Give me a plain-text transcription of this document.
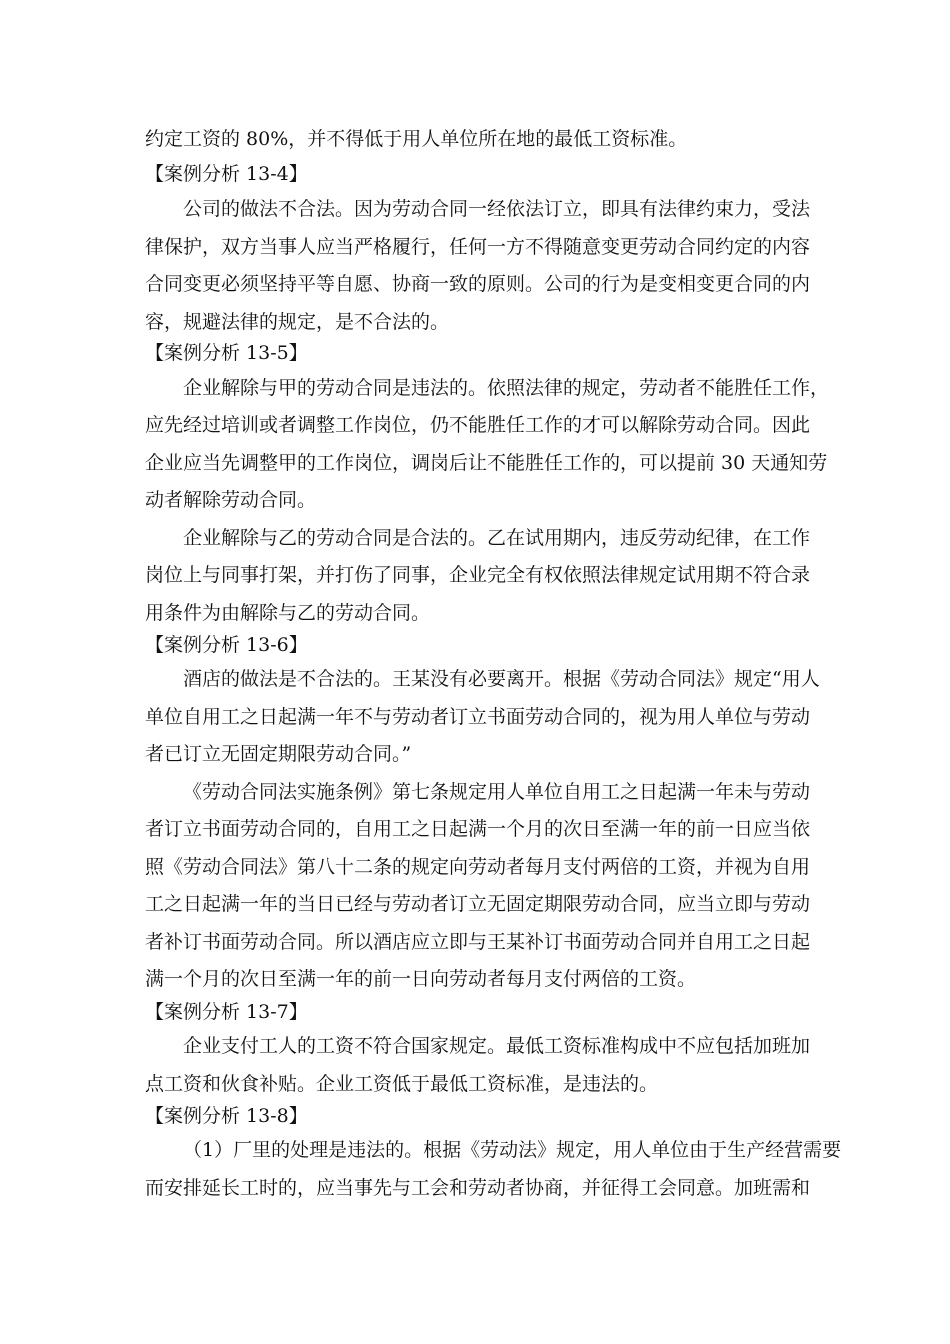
约定工资的 80%，并不得低于用人单位所在地的最低工资标准。
【案例分析 13-4】
公司的做法不合法。因为劳动合同一经依法订立，即具有法律约束力，受法
律保护，双方当事人应当严格履行，任何一方不得随意变更劳动合同约定的内容
合同变更必须坚持平等自愿、协商一致的原则。公司的行为是变相变更合同的内
容，规避法律的规定，是不合法的。
【案例分析 13-5】
企业解除与甲的劳动合同是违法的。依照法律的规定，劳动者不能胜任工作，
应先经过培训或者调整工作岗位，仍不能胜任工作的才可以解除劳动合同。因此
企业应当先调整甲的工作岗位，调岗后让不能胜任工作的，可以提前 30 天通知劳
动者解除劳动合同。
企业解除与乙的劳动合同是合法的。乙在试用期内，违反劳动纪律，在工作
岗位上与同事打架，并打伤了同事，企业完全有权依照法律规定试用期不符合录
用条件为由解除与乙的劳动合同。
【案例分析 13-6】
酒店的做法是不合法的。王某没有必要离开。根据《劳动合同法》规定“用人
单位自用工之日起满一年不与劳动者订立书面劳动合同的，视为用人单位与劳动
者已订立无固定期限劳动合同。”
《劳动合同法实施条例》第七条规定用人单位自用工之日起满一年未与劳动
者订立书面劳动合同的，自用工之日起满一个月的次日至满一年的前一日应当依
照《劳动合同法》第八十二条的规定向劳动者每月支付两倍的工资，并视为自用
工之日起满一年的当日已经与劳动者订立无固定期限劳动合同，应当立即与劳动
者补订书面劳动合同。所以酒店应立即与王某补订书面劳动合同并自用工之日起
满一个月的次日至满一年的前一日向劳动者每月支付两倍的工资。
【案例分析 13-7】
企业支付工人的工资不符合国家规定。最低工资标准构成中不应包括加班加
点工资和伙食补贴。企业工资低于最低工资标准，是违法的。
【案例分析 13-8】
（1）厂里的处理是违法的。根据《劳动法》规定，用人单位由于生产经营需要
而安排延长工时的，应当事先与工会和劳动者协商，并征得工会同意。加班需和
